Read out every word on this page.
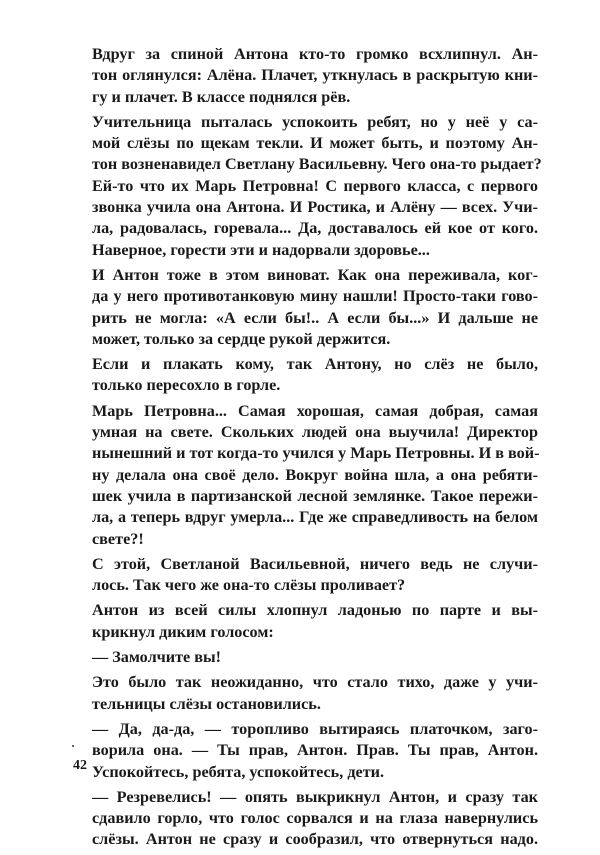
Вдруг за спиной Антона кто-то громко всхлипнул. Ан-
тон оглянулся: Алёна. Плачет, уткнулась в раскрытую кни-
гу и плачет. В классе поднялся рёв.
Учительница пыталась успокоить ребят, но у неё у са-
мой слёзы по щекам текли. И может быть, и поэтому Ан-
тон возненавидел Светлану Васильевну. Чего она-то рыдает?
Ей-то что их Марь Петровна! С первого класса, с первого
звонка учила она Антона. И Ростика, и Алёну — всех. Учи-
ла, радовалась, горевала... Да, доставалось ей кое от кого.
Наверное, горести эти и надорвали здоровье...
И Антон тоже в этом виноват. Как она переживала, ког-
да у него противотанковую мину нашли! Просто-таки гово-
рить не могла: «А если бы!.. А если бы...» И дальше не
может, только за сердце рукой держится.
Если и плакать кому, так Антону, но слёз не было,
только пересохло в горле.
Марь Петровна... Самая хорошая, самая добрая, самая
умная на свете. Скольких людей она выучила! Директор
нынешний и тот когда-то учился у Марь Петровны. И в вой-
ну делала она своё дело. Вокруг война шла, а она ребяти-
шек учила в партизанской лесной землянке. Такое пережи-
ла, а теперь вдруг умерла... Где же справедливость на белом
свете?!
С этой, Светланой Васильевной, ничего ведь не случи-
лось. Так чего же она-то слёзы проливает?
Антон из всей силы хлопнул ладонью по парте и вы-
крикнул диким голосом:
— Замолчите вы!
Это было так неожиданно, что стало тихо, даже у учи-
тельницы слёзы остановились.
— Да, да-да, — торопливо вытираясь платочком, заго-
ворила она. — Ты прав, Антон. Прав. Ты прав, Антон.
Успокойтесь, ребята, успокойтесь, дети.
— Резревелись! — опять выкрикнул Антон, и сразу так
сдавило горло, что голос сорвался и на глаза навернулись
слёзы. Антон не сразу и сообразил, что отвернуться надо.
42
